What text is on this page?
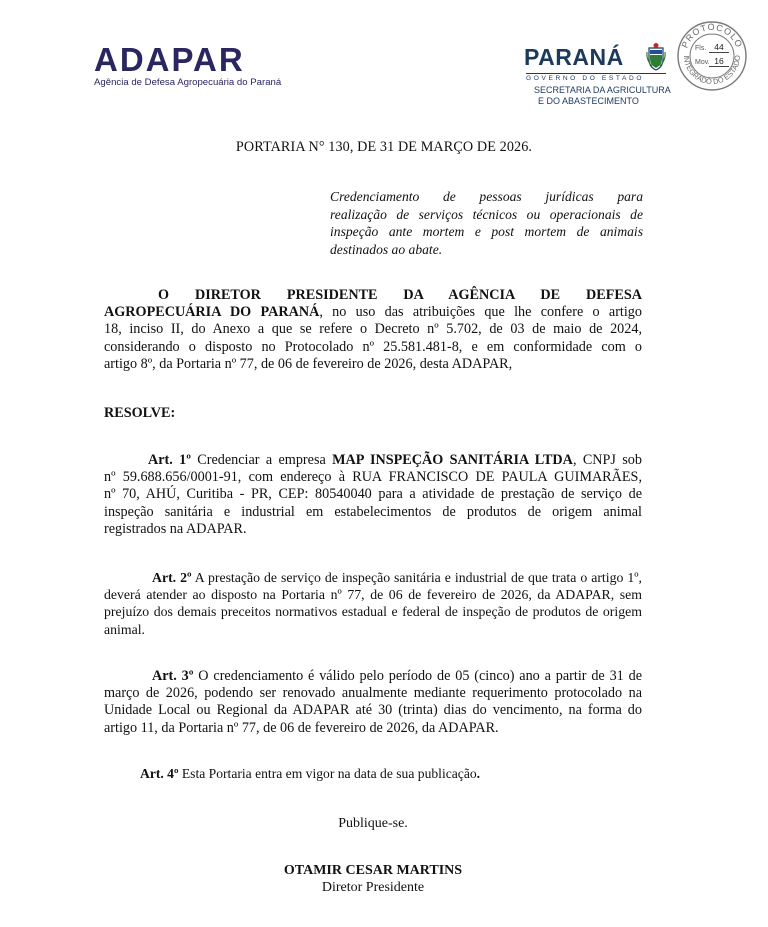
ADAPAR
Agência de Defesa Agropecuária do Paraná
PARANÁ
GOVERNO DO ESTADO
SECRETARIA DA AGRICULTURA
E DO ABASTECIMENTO
PROTOCOLO
INTEGRADO DO ESTADO
Fls. 44
Mov. 16
PORTARIA N° 130, DE 31 DE MARÇO DE 2026.
Credenciamento de pessoas jurídicas para
realização de serviços técnicos ou operacionais de
inspeção ante mortem e post mortem de animais
destinados ao abate.
O DIRETOR PRESIDENTE DA AGÊNCIA DE DEFESA
AGROPECUÁRIA DO PARANÁ, no uso das atribuições que lhe confere o artigo
18, inciso II, do Anexo a que se refere o Decreto nº 5.702, de 03 de maio de 2024,
considerando o disposto no Protocolado nº 25.581.481-8, e em conformidade com o
artigo 8º, da Portaria nº 77, de 06 de fevereiro de 2026, desta ADAPAR,
RESOLVE:
Art. 1º Credenciar a empresa MAP INSPEÇÃO SANITÁRIA LTDA, CNPJ sob
nº 59.688.656/0001-91, com endereço à RUA FRANCISCO DE PAULA GUIMARÃES,
nº 70, AHÚ, Curitiba - PR, CEP: 80540040 para a atividade de prestação de serviço de
inspeção sanitária e industrial em estabelecimentos de produtos de origem animal
registrados na ADAPAR.
Art. 2º A prestação de serviço de inspeção sanitária e industrial de que trata o artigo 1º,
deverá atender ao disposto na Portaria nº 77, de 06 de fevereiro de 2026, da ADAPAR, sem
prejuízo dos demais preceitos normativos estadual e federal de inspeção de produtos de origem
animal.
Art. 3º O credenciamento é válido pelo período de 05 (cinco) ano a partir de 31 de
março de 2026, podendo ser renovado anualmente mediante requerimento protocolado na
Unidade Local ou Regional da ADAPAR até 30 (trinta) dias do vencimento, na forma do
artigo 11, da Portaria nº 77, de 06 de fevereiro de 2026, da ADAPAR.
Art. 4º Esta Portaria entra em vigor na data de sua publicação.
Publique-se.
OTAMIR CESAR MARTINS
Diretor Presidente
